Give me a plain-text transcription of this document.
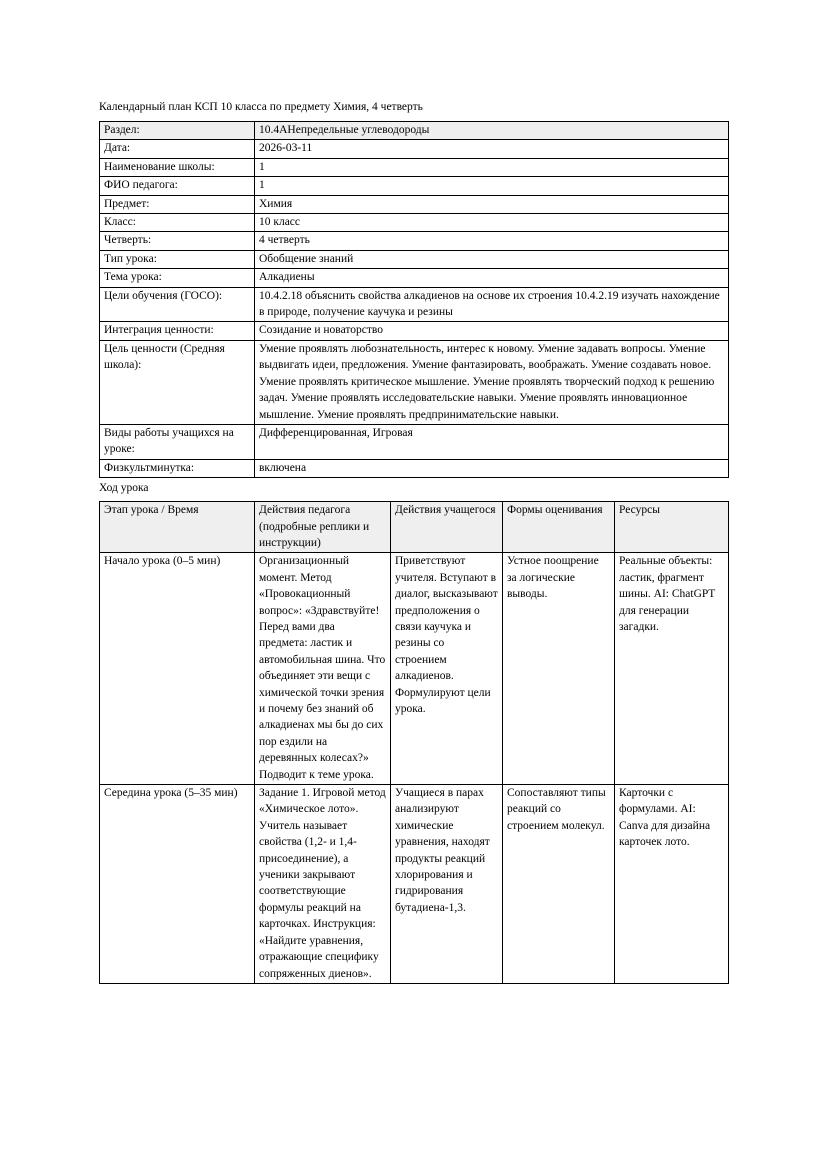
Календарный план КСП 10 класса по предмету Химия, 4 четверть
Раздел:	10.4АНепредельные углеводороды
Дата:	2026-03-11
Наименование школы:	1
ФИО педагога:	1
Предмет:	Химия
Класс:	10 класс
Четверть:	4 четверть
Тип урока:	Обобщение знаний
Тема урока:	Алкадиены
Цели обучения (ГОСО):	10.4.2.18 объяснить свойства алкадиенов на основе их строения 10.4.2.19 изучать нахождение в природе, получение каучука и резины
Интеграция ценности:	Созидание и новаторство
Цель ценности (Средняя школа):	Умение проявлять любознательность, интерес к новому. Умение задавать вопросы. Умение выдвигать идеи, предложения. Умение фантазировать, воображать. Умение создавать новое. Умение проявлять критическое мышление. Умение проявлять творческий подход к решению задач. Умение проявлять исследовательские навыки. Умение проявлять инновационное мышление. Умение проявлять предпринимательские навыки.
Виды работы учащихся на уроке:	Дифференцированная, Игровая
Физкультминутка:	включена
Ход урока
Этап урока / Время	Действия педагога (подробные реплики и инструкции)	Действия учащегося	Формы оценивания	Ресурсы
Начало урока (0–5 мин)	Организационный момент. Метод «Провокационный вопрос»: «Здравствуйте! Перед вами два предмета: ластик и автомобильная шина. Что объединяет эти вещи с химической точки зрения и почему без знаний об алкадиенах мы бы до сих пор ездили на деревянных колесах?» Подводит к теме урока.	Приветствуют учителя. Вступают в диалог, высказывают предположения о связи каучука и резины со строением алкадиенов. Формулируют цели урока.	Устное поощрение за логические выводы.	Реальные объекты: ластик, фрагмент шины. AI: ChatGPT для генерации загадки.
Середина урока (5–35 мин)	Задание 1. Игровой метод «Химическое лото». Учитель называет свойства (1,2- и 1,4-присоединение), а ученики закрывают соответствующие формулы реакций на карточках. Инструкция: «Найдите уравнения, отражающие специфику сопряженных диенов».	Учащиеся в парах анализируют химические уравнения, находят продукты реакций хлорирования и гидрирования бутадиена-1,3.	Сопоставляют типы реакций со строением молекул.	Карточки с формулами. AI: Canva для дизайна карточек лото.
